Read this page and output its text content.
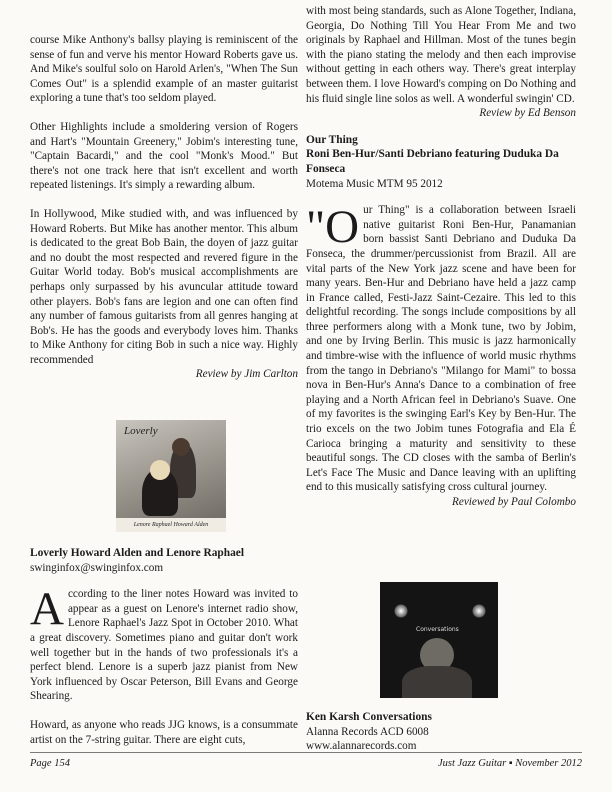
course Mike Anthony's ballsy playing is reminiscent of the sense of fun and verve his mentor Howard Roberts gave us. And Mike's soulful solo on Harold Arlen's, "When The Sun Comes Out" is a splendid example of an master guitarist exploring a tune that's too seldom played.

Other Highlights include a smoldering version of Rogers and Hart's "Mountain Greenery," Jobim's interesting tune, "Captain Bacardi," and the cool "Monk's Mood." But there's not one track here that isn't excellent and worth repeated listenings. It's simply a rewarding album.

In Hollywood, Mike studied with, and was influenced by Howard Roberts. But Mike has another mentor. This album is dedicated to the great Bob Bain, the doyen of jazz guitar and no doubt the most respected and revered figure in the Guitar World today. Bob's musical accomplishments are perhaps only surpassed by his avuncular attitude toward other players. Bob's fans are legion and one can often find any number of famous guitarists from all genres hanging at Bob's. He has the goods and everybody loves him. Thanks to Mike Anthony for citing Bob in such a nice way. Highly recommended

Review by Jim Carlton
Loverly
Lenore Raphael Howard Alden
Loverly Howard Alden and Lenore Raphael
swinginfox@swinginfox.com

According to the liner notes Howard was invited to appear as a guest on Lenore's internet radio show, Lenore Raphael's Jazz Spot in October 2010. What a great discovery. Sometimes piano and guitar don't work well together but in the hands of two professionals it's a perfect blend. Lenore is a superb jazz pianist from New York influenced by Oscar Peterson, Bill Evans and George Shearing.

Howard, as anyone who reads JJG knows, is a consummate artist on the 7-string guitar. There are eight cuts,

with most being standards, such as Alone Together, Indiana, Georgia, Do Nothing Till You Hear From Me and two originals by Raphael and Hillman. Most of the tunes begin with the piano stating the melody and then each improvise without getting in each others way. There's great interplay between them. I love Howard's comping on Do Nothing and his fluid single line solos as well. A wonderful swingin' CD.

Review by Ed Benson
Our Thing
Roni Ben-Hur/Santi Debriano featuring Duduka Da Fonseca
Motema Music MTM 95 2012

"Our Thing" is a collaboration between Israeli native guitarist Roni Ben-Hur, Panamanian born bassist Santi Debriano and Duduka Da Fonseca, the drummer/percussionist from Brazil. All are vital parts of the New York jazz scene and have been for many years. Ben-Hur and Debriano have held a jazz camp in France called, Festi-Jazz Saint-Cezaire. This led to this delightful recording. The songs include compositions by all three performers along with a Monk tune, two by Jobim, and one by Irving Berlin. This music is jazz harmonically and timbre-wise with the influence of world music rhythms from the tango in Debriano's "Milango for Mami" to bossa nova in Ben-Hur's Anna's Dance to a combination of free playing and a North African feel in Debriano's Suave. One of my favorites is the swinging Earl's Key by Ben-Hur. The trio excels on the two Jobim tunes Fotografia and Ela É Carioca bringing a maturity and sensitivity to these beautiful songs. The CD closes with the samba of Berlin's Let's Face The Music and Dance leaving with an uplifting end to this musically satisfying cross cultural journey.

Reviewed by Paul Colombo
Conversations
Ken Karsh Conversations
Alanna Records ACD 6008
www.alannarecords.com
Page 154	Just Jazz Guitar ▪ November 2012
